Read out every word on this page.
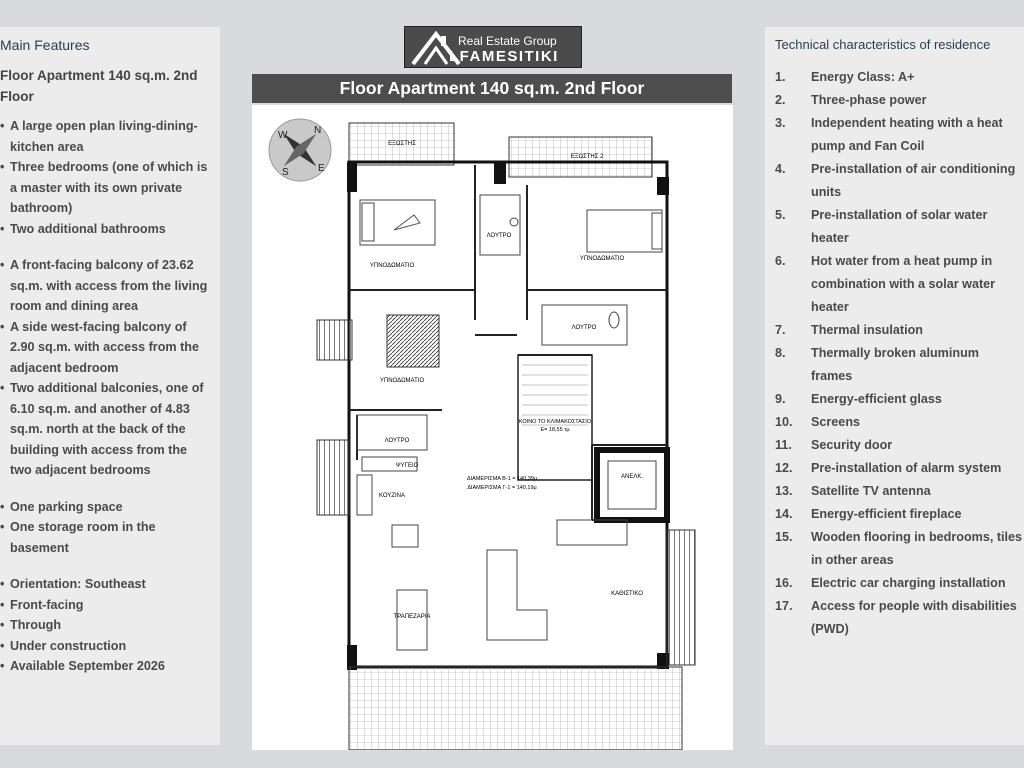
Main Features
Floor Apartment 140 sq.m. 2nd Floor
• A large open plan living-dining-kitchen area
• Three bedrooms (one of which is a master with its own private bathroom)
• Two additional bathrooms
• A front-facing balcony of 23.62 sq.m. with access from the living room and dining area
• A side west-facing balcony of 2.90 sq.m. with access from the adjacent bedroom
• Two additional balconies, one of 6.10 sq.m. and another of 4.83 sq.m. north at the back of the building with access from the two adjacent bedrooms
• One parking space
• One storage room in the basement
• Orientation: Southeast
• Front-facing
• Through
• Under construction
• Available September 2026
Real Estate Group
LFAMESITIKI
Floor Apartment 140 sq.m. 2nd Floor
N
S	E
W
ΕΞΩΣΤΗΣ
ΕΞΩΣΤΗΣ 2
ΥΠΝΟΔΩΜΑΤΙΟ
ΛΟΥΤΡΟ
ΥΠΝΟΔΩΜΑΤΙΟ
ΛΟΥΤΡΟ
ΥΠΝΟΔΩΜΑΤΙΟ
ΛΟΥΤΡΟ
ΨΥΓΕΙΟ
ΚΟΙΝΟ ΤΟ ΚΛΙΜΑΚΟΣΤΑΣΙΟ
Ε= 18,55 τμ
ΑΝΕΛΚ.
ΚΟΥΖΙΝΑ
ΔΙΑΜΕΡΙΣΜΑ Β-1 = 140,39μ
ΔΙΑΜΕΡΙΣΜΑ Γ-1 = 140,19μ
ΤΡΑΠΕΖΑΡΙΑ
ΚΑΘΙΣΤΙΚΟ
Technical characteristics of residence
1.	Energy Class: A+
2.	Three-phase power
3.	Independent heating with a heat
pump and Fan Coil
4.	Pre-installation of air conditioning
units
5.	Pre-installation of solar water
heater
6.	Hot water from a heat pump in
combination with a solar water
heater
7.	Thermal insulation
8.	Thermally broken aluminum
frames
9.	Energy-efficient glass
10.	Screens
11.	Security door
12.	Pre-installation of alarm system
13.	Satellite TV antenna
14.	Energy-efficient fireplace
15.	Wooden flooring in bedrooms, tiles
in other areas
16.	Electric car charging installation
17.	Access for people with disabilities
(PWD)
